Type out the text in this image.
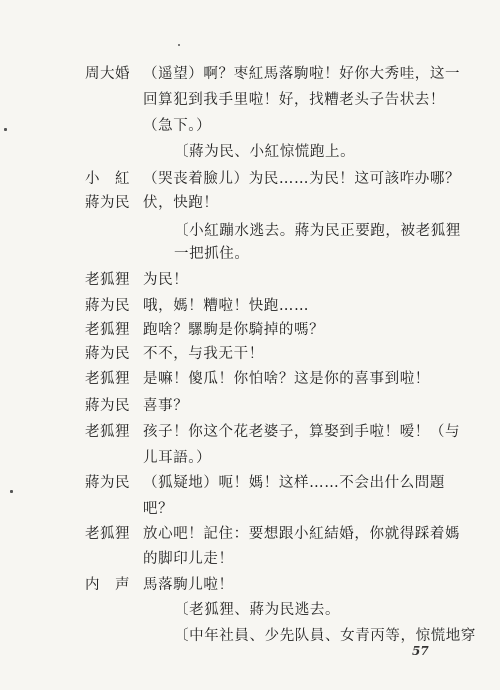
周大婚 （遥望）啊？枣紅馬落駒啦！好你大秀哇，这一
回算犯到我手里啦！好，找糟老头子告状去！
（急下。）
〔蔣为民、小紅惊慌跑上。
小　紅 （哭丧着臉儿）为民……为民！这可該咋办哪？
蔣为民 伏，快跑！
〔小紅蹦水逃去。蔣为民正要跑，被老狐狸
一把抓住。
老狐狸 为民！
蔣为民 哦，媽！糟啦！快跑……
老狐狸 跑啥？騾駒是你騎掉的嗎？
蔣为民 不不，与我无干！
老狐狸 是嘛！傻瓜！你怕啥？这是你的喜事到啦！
蔣为民 喜事？
老狐狸 孩子！你这个花老婆子，算娶到手啦！嗳！（与
儿耳語。）
蔣为民 （狐疑地）呃！媽！这样……不会出什么問題
吧？
老狐狸 放心吧！記住：要想跟小紅結婚，你就得踩着媽
的脚印儿走！
内　声 馬落駒儿啦！
〔老狐狸、蔣为民逃去。
〔中年社員、少先队員、女青丙等，惊慌地穿
57
